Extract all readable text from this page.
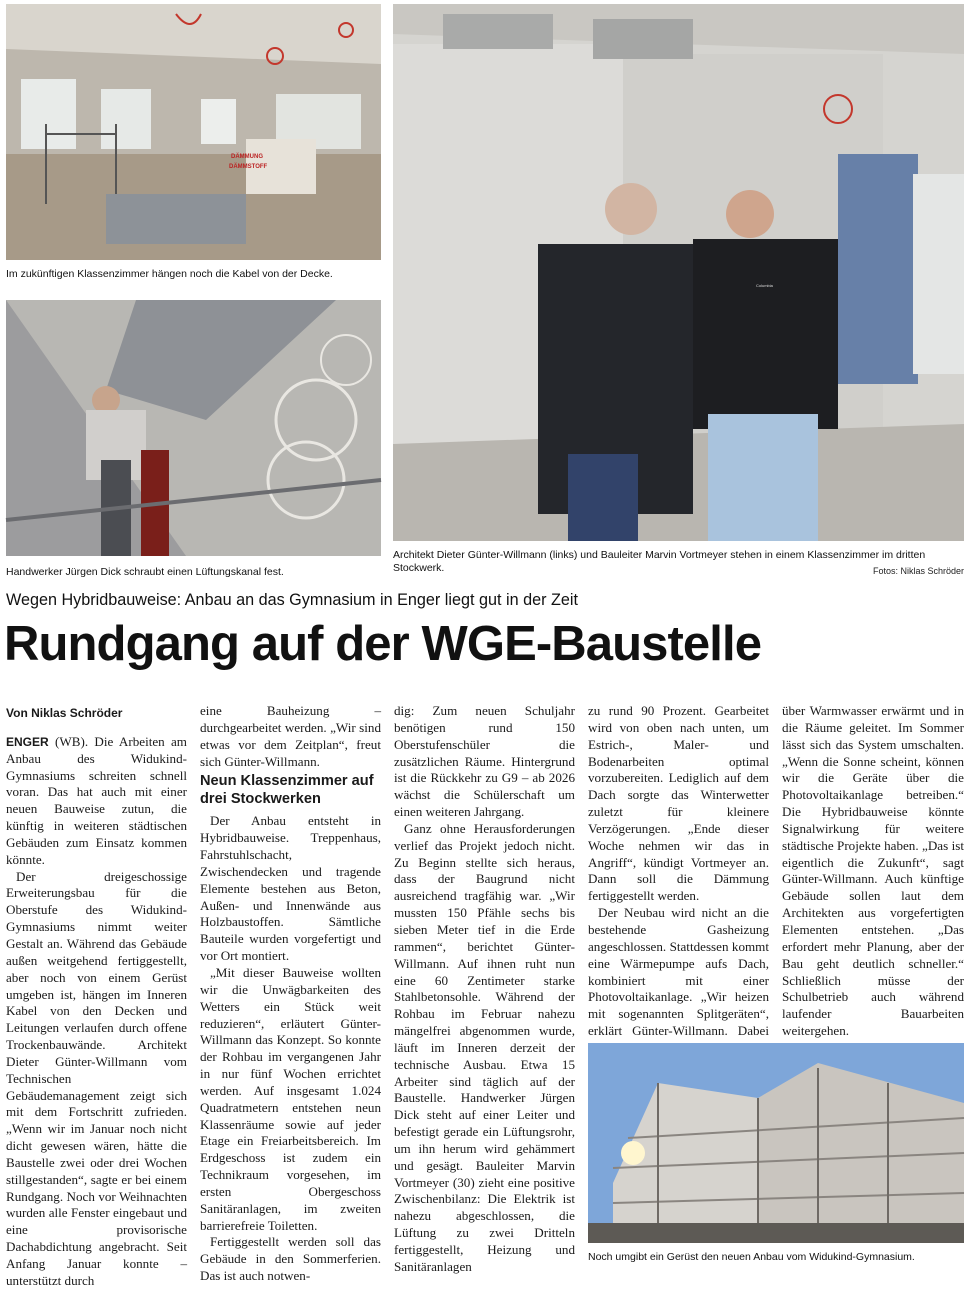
DÄMMUNG
DÄMMSTOFF
Im zukünftigen Klassenzimmer hängen noch die Kabel von der Decke.
Handwerker Jürgen Dick schraubt einen Lüftungskanal fest.
Columbia
Architekt Dieter Günter-Willmann (links) und Bauleiter Marvin Vortmeyer stehen in einem Klassenzimmer im dritten Stockwerk.	Fotos: Niklas Schröder
Wegen Hybridbauweise: Anbau an das Gymnasium in Enger liegt gut in der Zeit
Rundgang auf der WGE-Baustelle
Von Niklas Schröder

ENGER (WB). Die Arbeiten am Anbau des Widukind-Gymnasiums schreiten schnell voran. Das hat auch mit einer neuen Bauweise zutun, die künftig in weiteren städtischen Gebäuden zum Einsatz kommen könnte.

Der dreigeschossige Erweiterungsbau für die Oberstufe des Widukind-Gymnasiums nimmt weiter Gestalt an. Während das Gebäude außen weitgehend fertiggestellt, aber noch von einem Gerüst umgeben ist, hängen im Inneren Kabel von den Decken und Leitungen verlaufen durch offene Trockenbauwände. Architekt Dieter Günter-Willmann vom Technischen Gebäudemanagement zeigt sich mit dem Fortschritt zufrieden. „Wenn wir im Januar noch nicht dicht gewesen wären, hätte die Baustelle zwei oder drei Wochen stillgestanden“, sagte er bei einem Rundgang. Noch vor Weihnachten wurden alle Fenster eingebaut und eine provisorische Dachabdichtung angebracht. Seit Anfang Januar konnte – unterstützt durch

eine Bauheizung – durchgearbeitet werden. „Wir sind etwas vor dem Zeitplan“, freut sich Günter-Willmann.

Neun Klassenzimmer auf drei Stockwerken

Der Anbau entsteht in Hybridbauweise. Treppenhaus, Fahrstuhlschacht, Zwischendecken und tragende Elemente bestehen aus Beton, Außen- und Innenwände aus Holzbaustoffen. Sämtliche Bauteile wurden vorgefertigt und vor Ort montiert.

„Mit dieser Bauweise wollten wir die Unwägbarkeiten des Wetters ein Stück weit reduzieren“, erläutert Günter-Willmann das Konzept. So konnte der Rohbau im vergangenen Jahr in nur fünf Wochen errichtet werden. Auf insgesamt 1.024 Quadratmetern entstehen neun Klassenräume sowie auf jeder Etage ein Freiarbeitsbereich. Im Erdgeschoss ist zudem ein Technikraum vorgesehen, im ersten Obergeschoss Sanitäranlagen, im zweiten barrierefreie Toiletten.

Fertiggestellt werden soll das Gebäude in den Sommerferien. Das ist auch notwen-

dig: Zum neuen Schuljahr benötigen rund 150 Oberstufenschüler die zusätzlichen Räume. Hintergrund ist die Rückkehr zu G9 – ab 2026 wächst die Schülerschaft um einen weiteren Jahrgang.

Ganz ohne Herausforderungen verlief das Projekt jedoch nicht. Zu Beginn stellte sich heraus, dass der Baugrund nicht ausreichend tragfähig war. „Wir mussten 150 Pfähle sechs bis sieben Meter tief in die Erde rammen“, berichtet Günter-Willmann. Auf ihnen ruht nun eine 60 Zentimeter starke Stahlbetonsohle. Während der Rohbau im Februar nahezu mängelfrei abgenommen wurde, läuft im Inneren derzeit der technische Ausbau. Etwa 15 Arbeiter sind täglich auf der Baustelle. Handwerker Jürgen Dick steht auf einer Leiter und befestigt gerade ein Lüftungsrohr, um ihn herum wird gehämmert und gesägt. Bauleiter Marvin Vortmeyer (30) zieht eine positive Zwischenbilanz: Die Elektrik ist nahezu abgeschlossen, die Lüftung zu zwei Dritteln fertiggestellt, Heizung und Sanitäranlagen

zu rund 90 Prozent. Gearbeitet wird von oben nach unten, um Estrich-, Maler- und Bodenarbeiten optimal vorzubereiten. Lediglich auf dem Dach sorgte das Winterwetter zuletzt für kleinere Verzögerungen. „Ende dieser Woche nehmen wir das in Angriff“, kündigt Vortmeyer an. Dann soll die Dämmung fertiggestellt werden.

Der Neubau wird nicht an die bestehende Gasheizung angeschlossen. Stattdessen kommt eine Wärmepumpe aufs Dach, kombiniert mit einer Photovoltaikanlage. „Wir heizen mit sogenannten Splitgeräten“, erklärt Günter-Willmann. Dabei

über Warmwasser erwärmt und in die Räume geleitet. Im Sommer lässt sich das System umschalten. „Wenn die Sonne scheint, können wir die Geräte über die Photovoltaikanlage betreiben.“ Die Hybridbauweise könnte Signalwirkung für weitere städtische Projekte haben. „Das ist eigentlich die Zukunft“, sagt Günter-Willmann. Auch künftige Gebäude sollen laut dem Architekten aus vorgefertigten Elementen entstehen. „Das erfordert mehr Planung, aber der Bau geht deutlich schneller.“ Schließlich müsse der Schulbetrieb auch während laufender Bauarbeiten weitergehen.

Noch umgibt ein Gerüst den neuen Anbau vom Widukind-Gymnasium.
